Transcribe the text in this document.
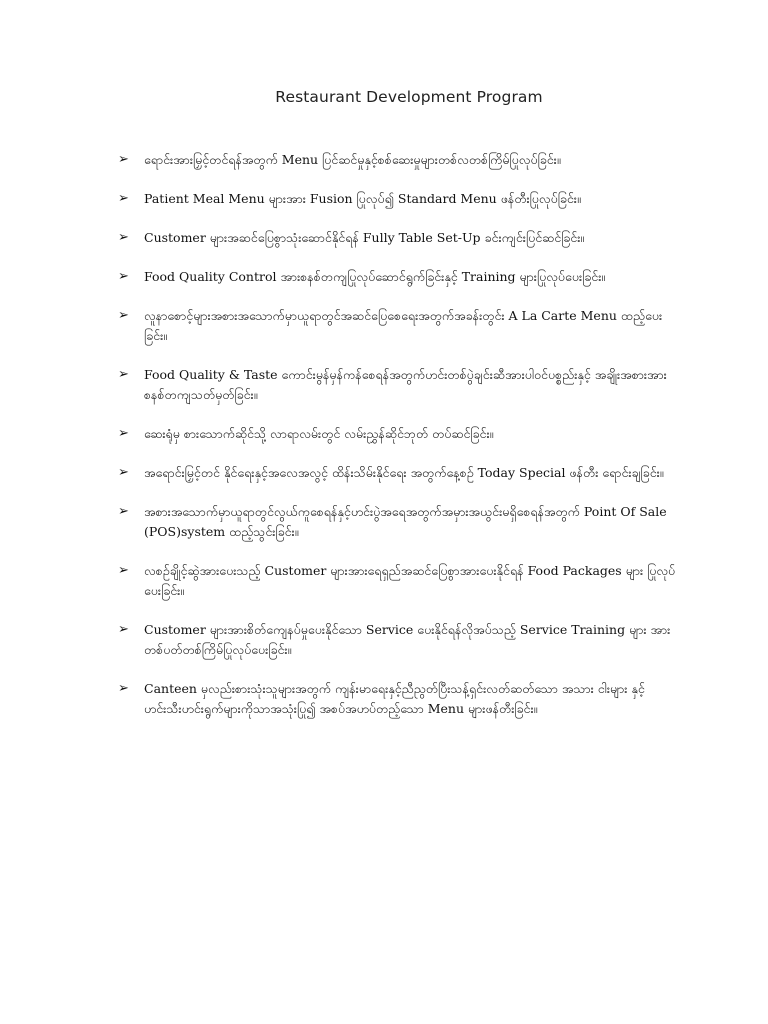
Restaurant Development Program
➢	ရောင်းအားမြှင့်တင်ရန်အတွက် Menu ပြင်ဆင်မှုနှင့်စစ်ဆေးမှုများတစ်လတစ်ကြိမ်ပြုလုပ်ခြင်း။
➢	Patient Meal Menu များအား Fusion ပြုလုပ်၍ Standard Menu ဖန်တီးပြုလုပ်ခြင်း။
➢	Customer များအဆင်ပြေစွာသုံးဆောင်နိုင်ရန် Fully Table Set-Up ခင်းကျင်းပြင်ဆင်ခြင်း။
➢	Food Quality Control အားစနစ်တကျပြုလုပ်ဆောင်ရွက်ခြင်းနှင့် Training များပြုလုပ်ပေးခြင်း။
➢	လူနာစောင့်များအစားအသောက်မှာယူရာတွင်အဆင်ပြေစေရေးအတွက်အခန်းတွင်း A La Carte Menu ထည့်ပေးခြင်း။
➢	Food Quality & Taste ကောင်းမွန်မှန်ကန်စေရန်အတွက်ဟင်းတစ်ပွဲချင်းဆီအားပါဝင်ပစ္စည်းနှင့် အချိုးအစားအားစနစ်တကျသတ်မှတ်ခြင်း။
➢	ဆေးရုံမှ စားသောက်ဆိုင်သို့ လာရာလမ်းတွင် လမ်းညွှန်ဆိုင်ဘုတ် တပ်ဆင်ခြင်း။
➢	အရောင်းမြှင့်တင် နိုင်ရေးနှင့်အလေအလွင့် ထိန်းသိမ်းနိုင်ရေး အတွက်နေ့စဉ် Today Special ဖန်တီး ရောင်းချခြင်း။
➢	အစားအသောက်မှာယူရာတွင်လွယ်ကူစေရန်နှင့်ဟင်းပွဲအရေအတွက်အမှားအယွင်းမရှိစေရန်အတွက် Point Of Sale (POS)system ထည့်သွင်းခြင်း။
➢	လစဥ်ချိုင့်ဆွဲအားပေးသည့် Customer များအားရေရှည်အဆင်ပြေစွာအားပေးနိုင်ရန် Food Packages များ ပြုလုပ်ပေးခြင်း။
➢	Customer များအားစိတ်ကျေနပ်မှုပေးနိုင်သော Service ပေးနိုင်ရန်လိုအပ်သည့် Service Training များ အားတစ်ပတ်တစ်ကြိမ်ပြုလုပ်ပေးခြင်း။
➢	Canteen မှလည်းစားသုံးသူများအတွက် ကျန်းမာရေးနှင့်ညီညွတ်ပြီးသန့်ရှင်းလတ်ဆတ်သော အသား ငါးများ နှင့်ဟင်းသီးဟင်းရွက်များကိုသာအသုံးပြု၍ အစပ်အဟပ်တည့်သော Menu များဖန်တီးခြင်း။
